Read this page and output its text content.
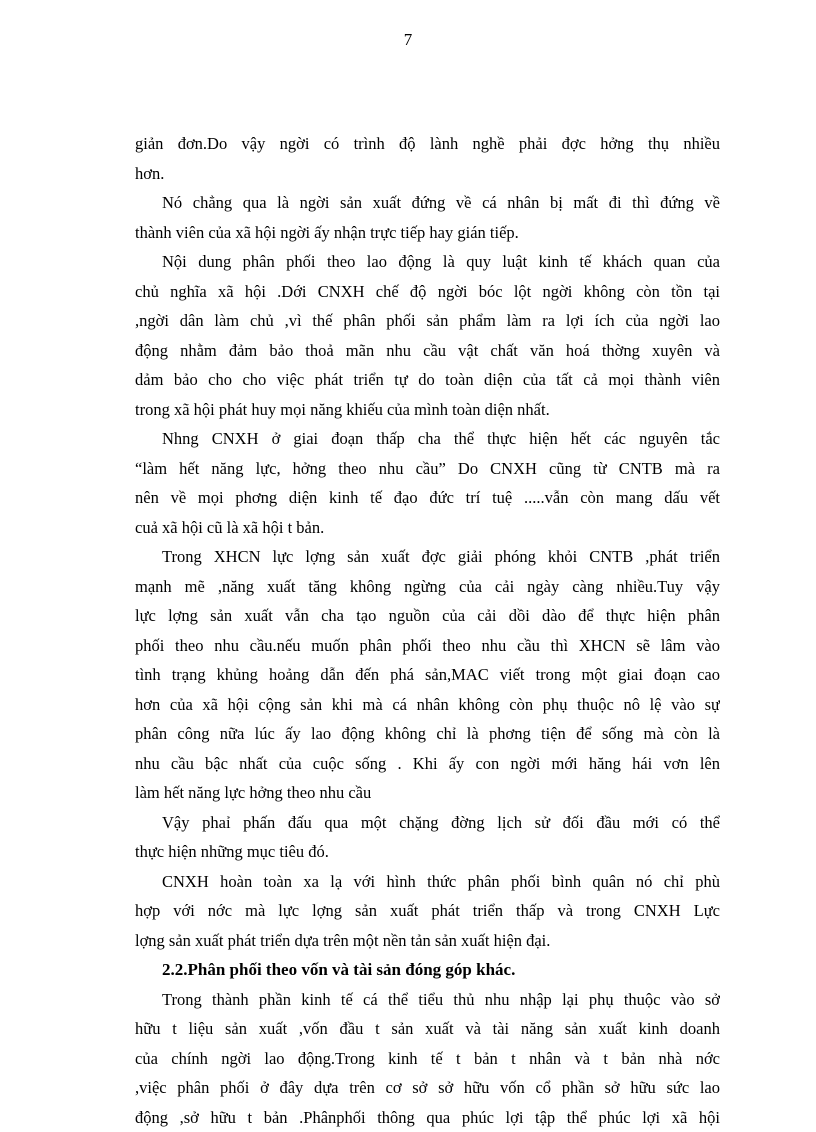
7
giản đơn.Do vậy ngời có trình độ lành nghề phải đợc hởng thụ nhiều
hơn.
Nó chẳng qua là ngời sản xuất đứng về cá nhân bị mất đi thì đứng về
thành viên của xã hội ngời ấy nhận trực tiếp hay gián tiếp.
Nội dung phân phối theo lao động là quy luật kinh tế khách quan của
chủ nghĩa xã hội .Dới CNXH chế độ ngời bóc lột ngời không còn tồn tại
,ngời dân làm chủ ,vì thế phân phối sản phẩm làm ra lợi ích của ngời lao
động nhằm đảm bảo thoả mãn nhu cầu vật chất văn hoá thờng xuyên và
dảm bảo cho cho việc phát triển tự do toàn diện của tất cả mọi thành viên
trong xã hội phát huy mọi năng khiếu của mình toàn diện nhất.
Nhng CNXH ở giai đoạn thấp cha thể thực hiện hết các nguyên tắc
“làm hết năng lực, hởng theo nhu cầu” Do CNXH cũng từ CNTB mà ra
nên về mọi phơng diện kinh tế đạo đức trí tuệ .....vẫn còn mang dấu vết
cuả xã hội cũ là xã hội t bản.
Trong XHCN lực lợng sản xuất đợc giải phóng khỏi CNTB ,phát triển
mạnh mẽ ,năng xuất tăng không ngừng của cải ngày càng nhiều.Tuy vậy
lực lợng sản xuất vẫn cha tạo nguồn của cải dồi dào để thực hiện phân
phối theo nhu cầu.nếu muốn phân phối theo nhu cầu thì XHCN sẽ lâm vào
tình trạng khủng hoảng dẫn đến phá sản,MAC viết trong một giai đoạn cao
hơn của xã hội cộng sản khi mà cá nhân không còn phụ thuộc nô lệ vào sự
phân công nữa lúc ấy lao động không chỉ là phơng tiện để sống mà còn là
nhu cầu bậc nhất của cuộc sống . Khi ấy con ngời mới hăng hái vơn lên
làm hết năng lực hởng theo nhu cầu
Vậy phaỉ phấn đấu qua một chặng đờng lịch sử đối đầu mới có thể
thực hiện những mục tiêu đó.
CNXH hoàn toàn xa lạ với hình thức phân phối bình quân nó chỉ phù
hợp với nớc mà lực lợng sản xuất phát triển thấp và trong CNXH Lực
lợng sản xuất phát triển dựa trên một nền tản sản xuất hiện đại.
2.2.Phân phối theo vốn và tài sản đóng góp khác.
Trong thành phần kinh tế cá thể tiểu thủ nhu nhập lại phụ thuộc vào sở
hữu t liệu sản xuất ,vốn đầu t sản xuất và tài năng sản xuất kinh doanh
của chính ngời lao động.Trong kinh tế t bản t nhân và t bản nhà nớc
,việc phân phối ở đây dựa trên cơ sở sở hữu vốn cổ phần sở hữu sức lao
động ,sở hữu t bản .Phânphối thông qua phúc lợi tập thể phúc lợi xã hội
